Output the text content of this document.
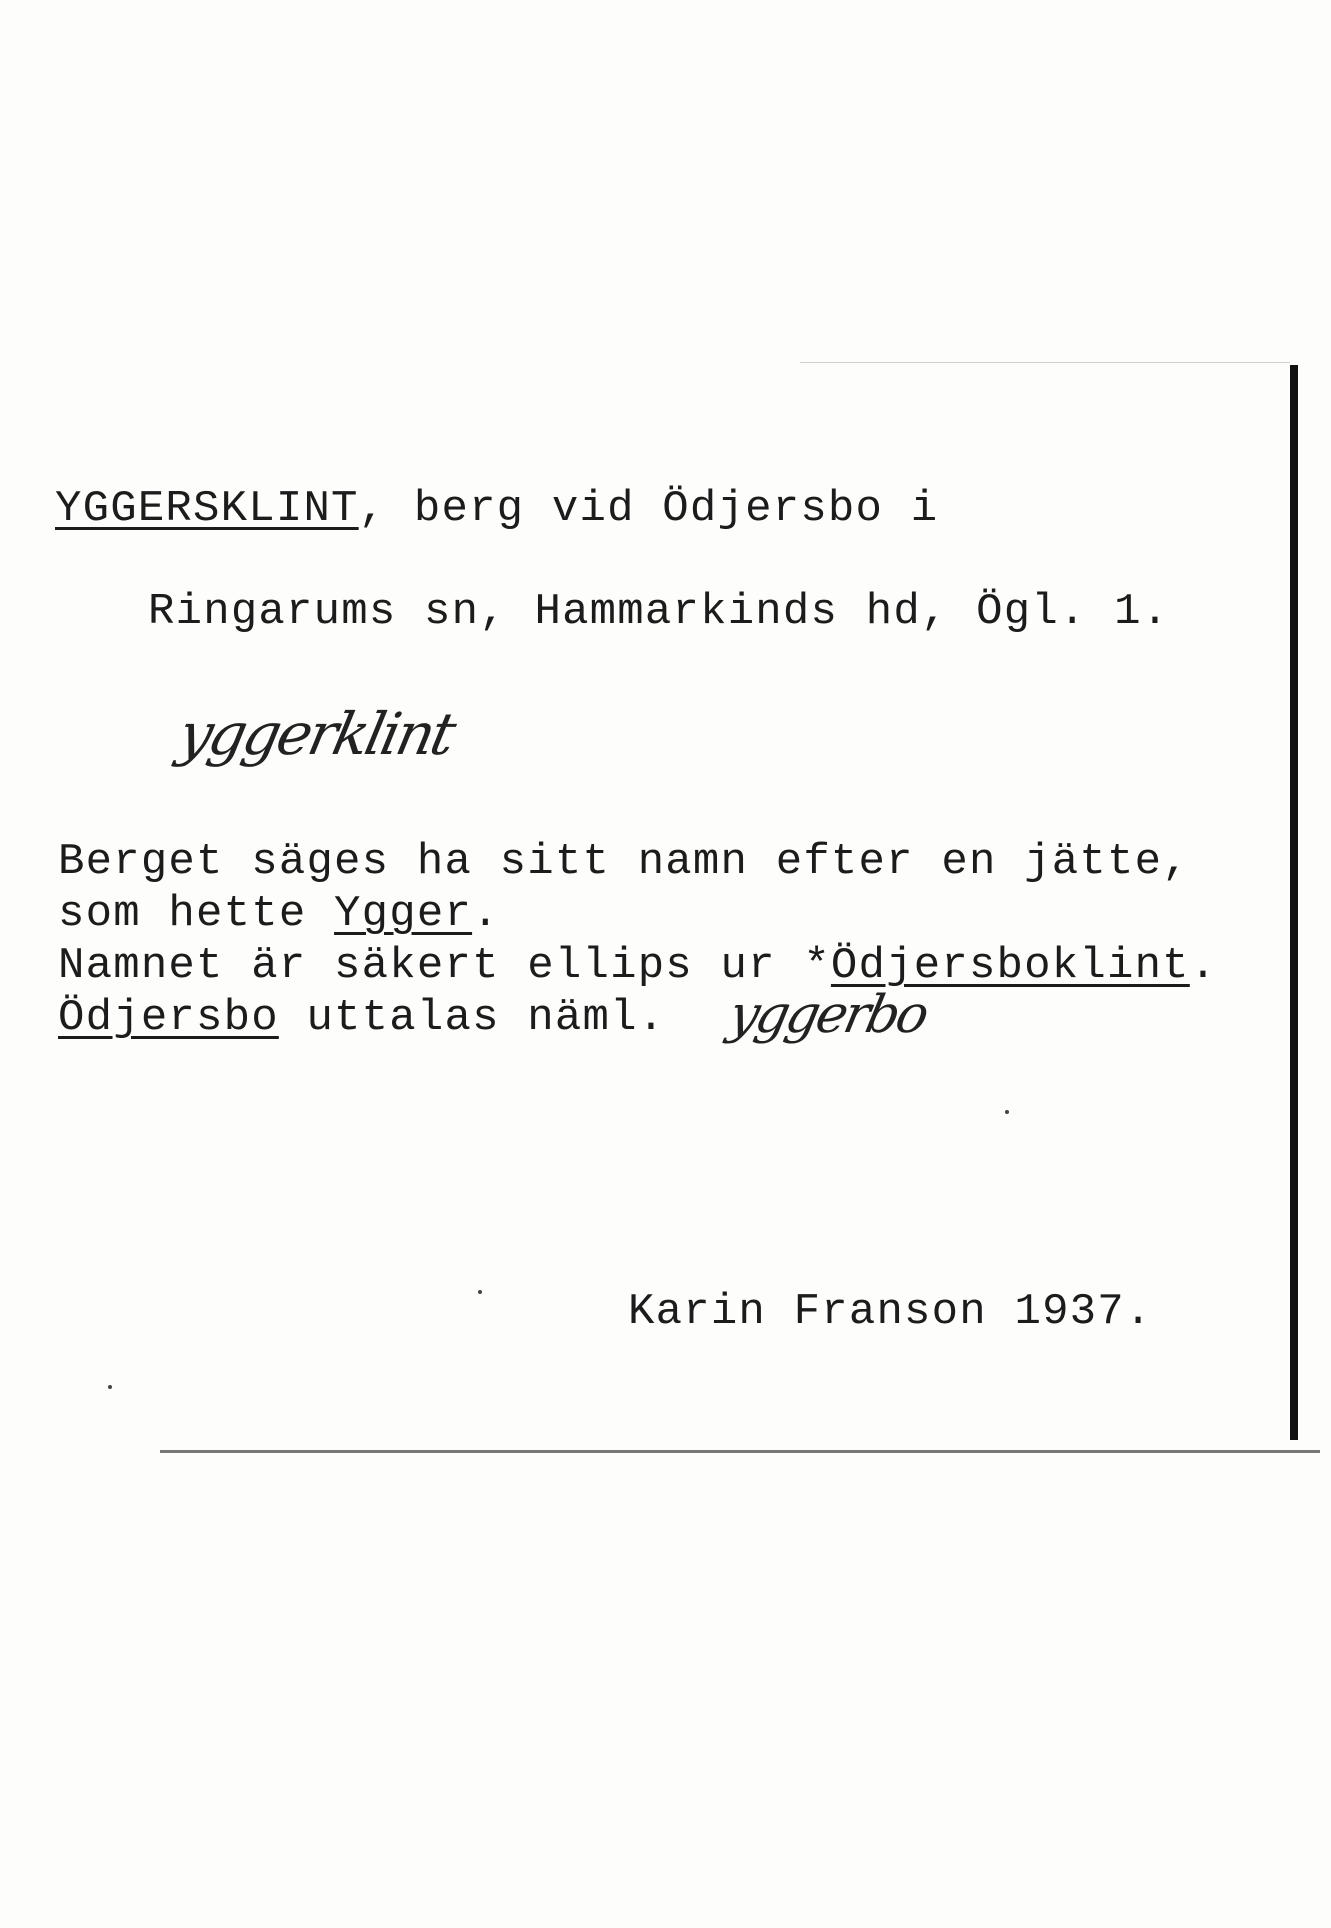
YGGERSKLINT, berg vid Ödjersbo i
Ringarums sn, Hammarkinds hd, Ögl. 1.
yggerklint
Berget säges ha sitt namn efter en jätte,
som hette Ygger.
Namnet är säkert ellips ur *Ödjersboklint.
Ödjersbo uttalas näml. yggerbo
Karin Franson 1937.
